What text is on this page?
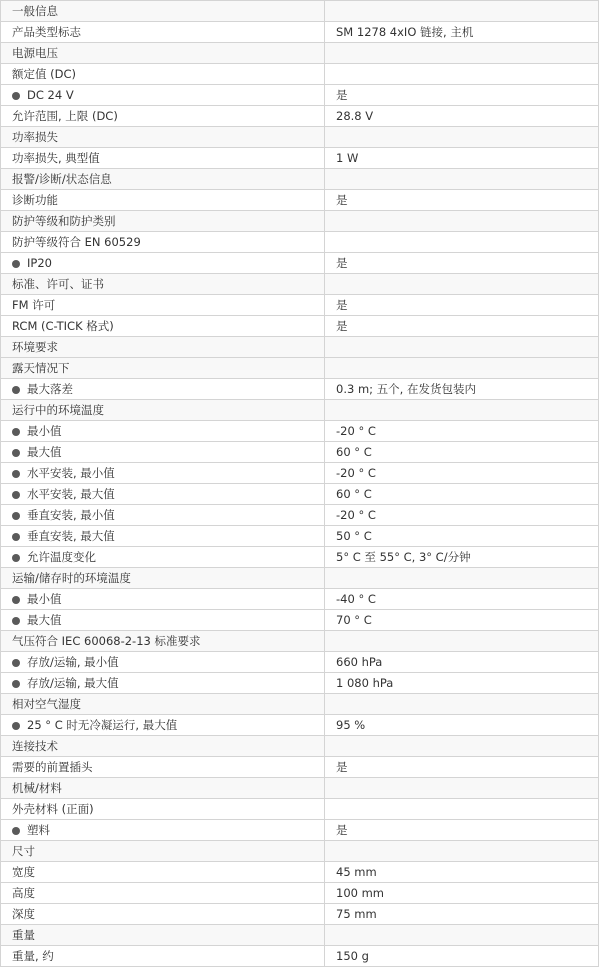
一般信息	
产品类型标志	SM 1278 4xIO 链接, 主机
电源电压	
额定值 (DC)	
DC 24 V	是
允许范围, 上限 (DC)	28.8 V
功率损失	
功率损失, 典型值	1 W
报警/诊断/状态信息	
诊断功能	是
防护等级和防护类别	
防护等级符合 EN 60529	
IP20	是
标准、许可、证书	
FM 许可	是
RCM (C-TICK 格式)	是
环境要求	
露天情况下	
最大落差	0.3 m; 五个, 在发货包装内
运行中的环境温度	
最小值	-20 ° C
最大值	60 ° C
水平安装, 最小值	-20 ° C
水平安装, 最大值	60 ° C
垂直安装, 最小值	-20 ° C
垂直安装, 最大值	50 ° C
允许温度变化	5° C 至 55° C, 3° C/分钟
运输/储存时的环境温度	
最小值	-40 ° C
最大值	70 ° C
气压符合 IEC 60068-2-13 标准要求	
存放/运输, 最小值	660 hPa
存放/运输, 最大值	1 080 hPa
相对空气湿度	
25 ° C 时无冷凝运行, 最大值	95 %
连接技术	
需要的前置插头	是
机械/材料	
外壳材料 (正面)	
塑料	是
尺寸	
宽度	45 mm
高度	100 mm
深度	75 mm
重量	
重量, 约	150 g
